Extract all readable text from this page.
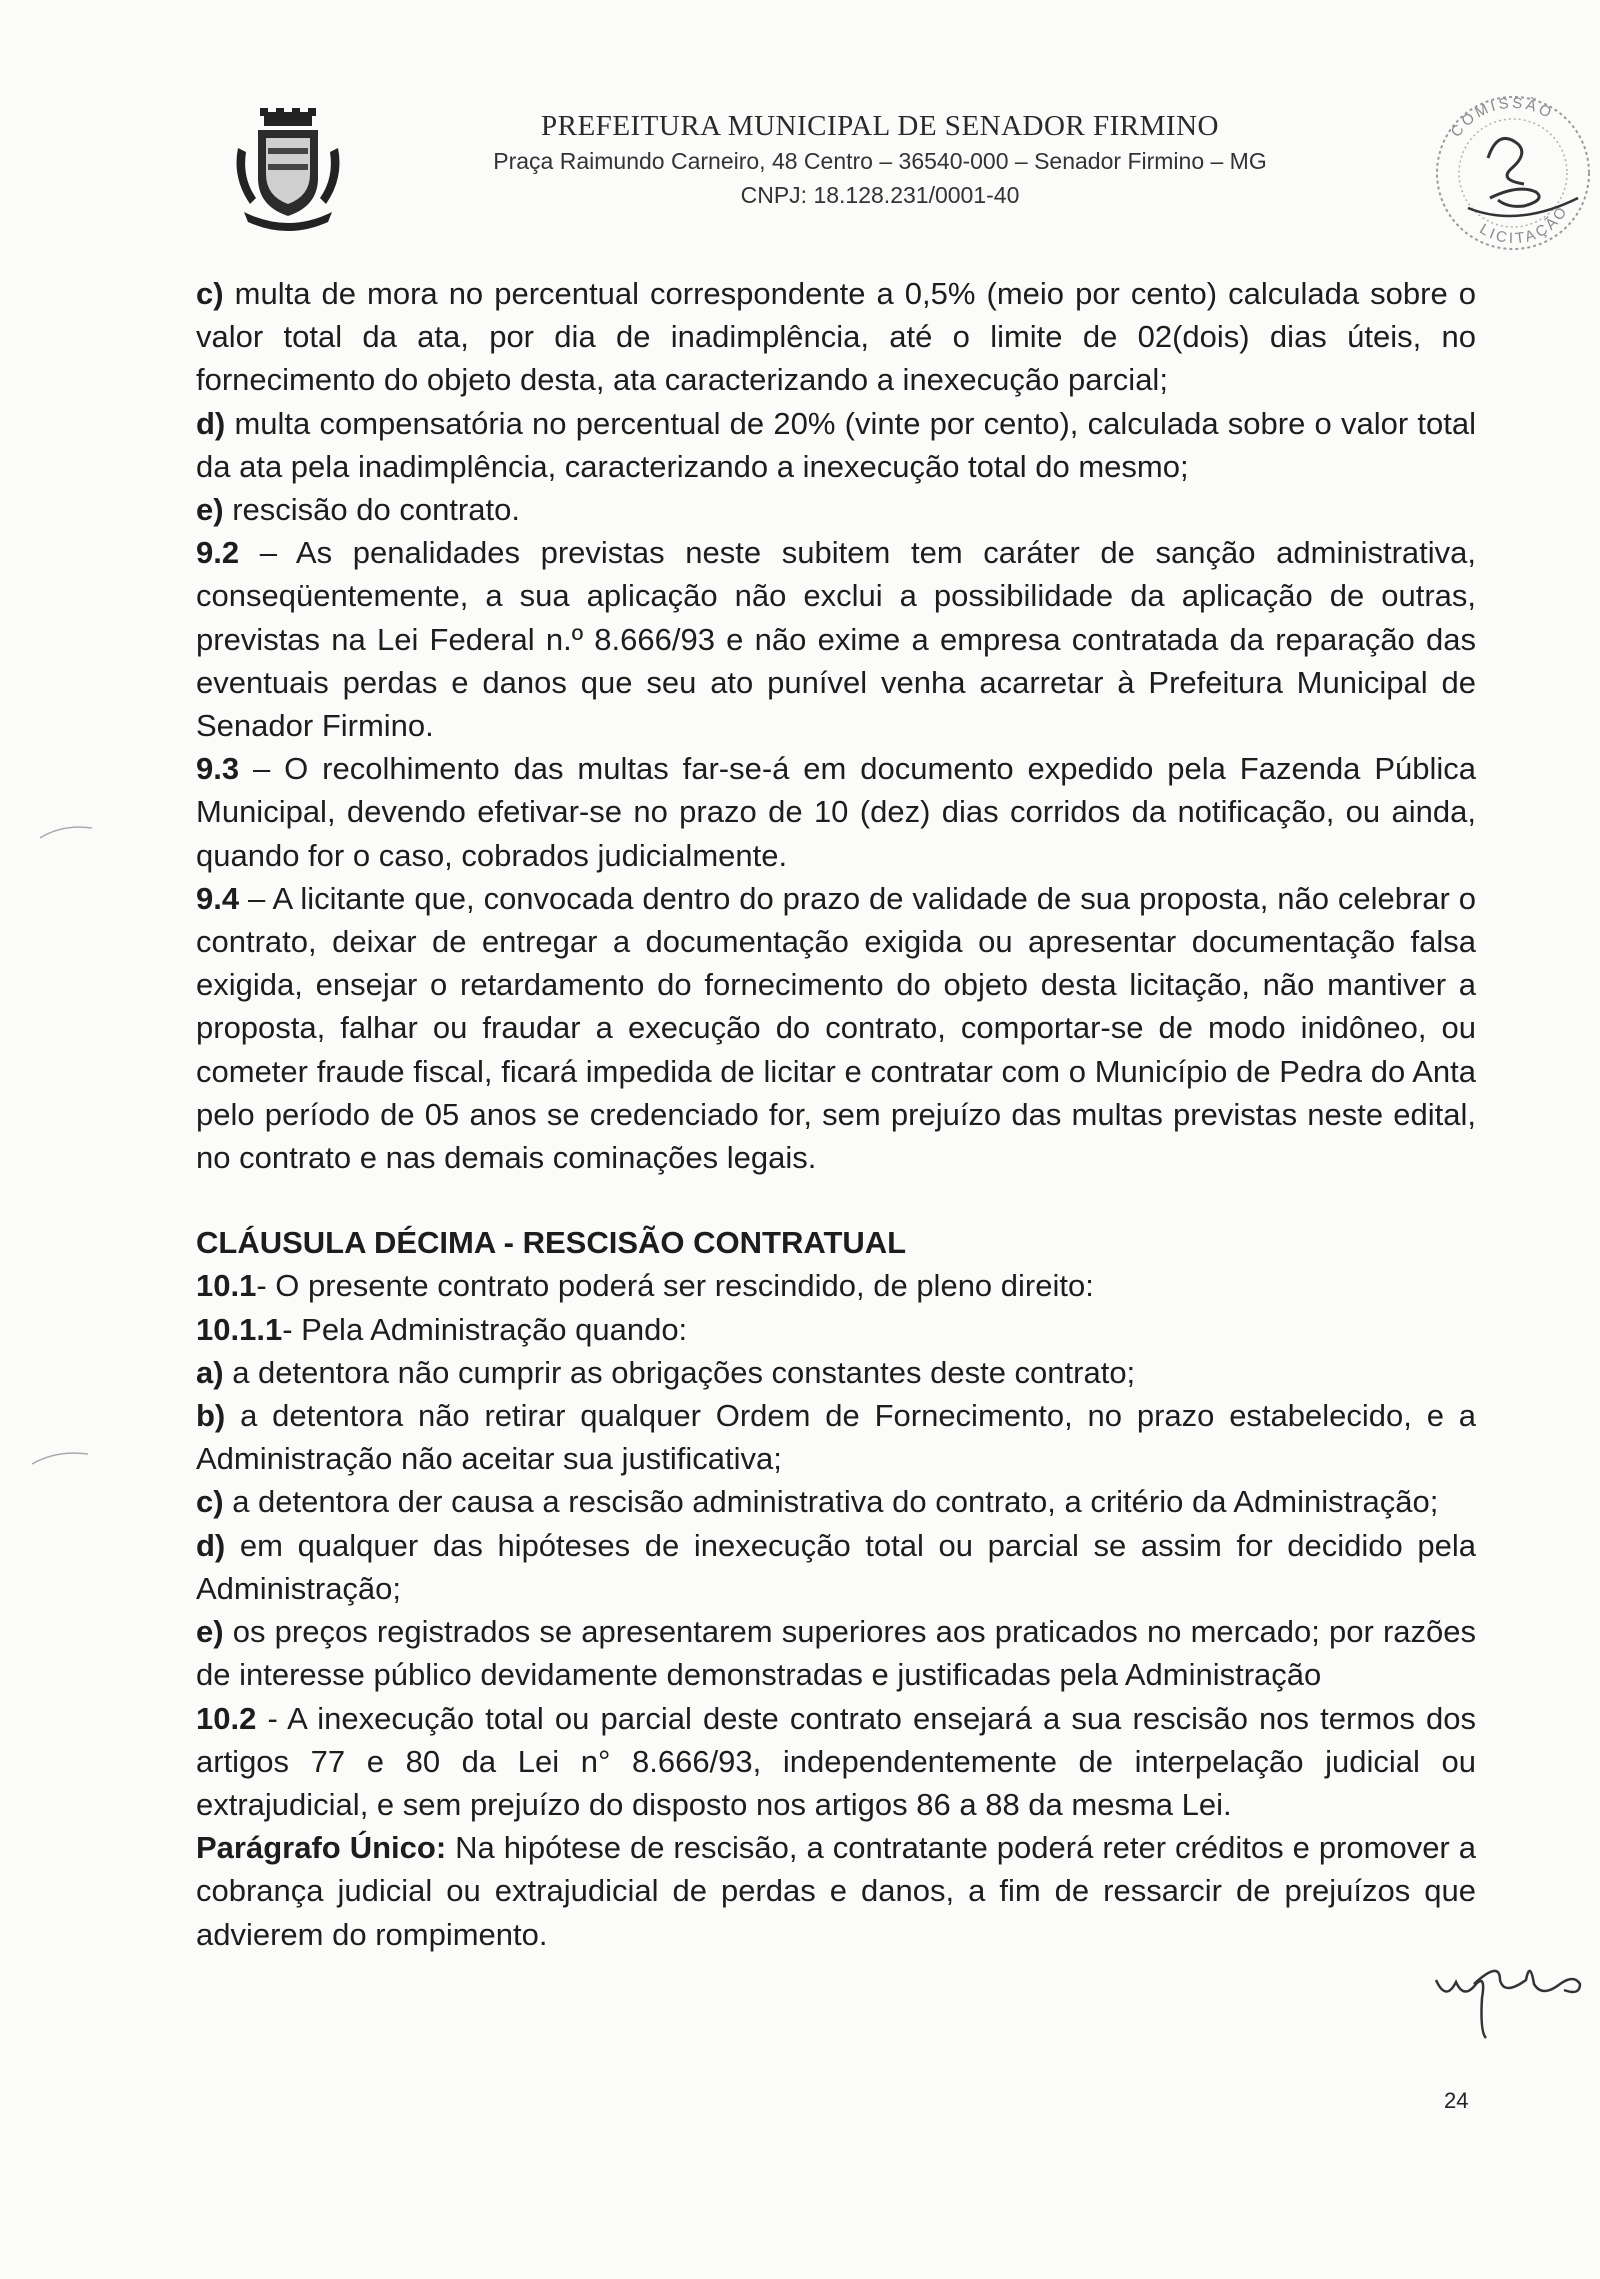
PREFEITURA MUNICIPAL DE SENADOR FIRMINO
Praça Raimundo Carneiro, 48 Centro – 36540-000 – Senador Firmino – MG
CNPJ: 18.128.231/0001-40
COMISSÃO
LICITAÇÃO

c) multa de mora no percentual correspondente a 0,5% (meio por cento) calculada sobre o valor total da ata, por dia de inadimplência, até o limite de 02(dois) dias úteis, no fornecimento do objeto desta, ata caracterizando a inexecução parcial;

d) multa compensatória no percentual de 20% (vinte por cento), calculada sobre o valor total da ata pela inadimplência, caracterizando a inexecução total do mesmo;

e) rescisão do contrato.

9.2 – As penalidades previstas neste subitem tem caráter de sanção administrativa, conseqüentemente, a sua aplicação não exclui a possibilidade da aplicação de outras, previstas na Lei Federal n.º 8.666/93 e não exime a empresa contratada da reparação das eventuais perdas e danos que seu ato punível venha acarretar à Prefeitura Municipal de Senador Firmino.

9.3 – O recolhimento das multas far-se-á em documento expedido pela Fazenda Pública Municipal, devendo efetivar-se no prazo de 10 (dez) dias corridos da notificação, ou ainda, quando for o caso, cobrados judicialmente.

9.4 – A licitante que, convocada dentro do prazo de validade de sua proposta, não celebrar o contrato, deixar de entregar a documentação exigida ou apresentar documentação falsa exigida, ensejar o retardamento do fornecimento do objeto desta licitação, não mantiver a proposta, falhar ou fraudar a execução do contrato, comportar-se de modo inidôneo, ou cometer fraude fiscal, ficará impedida de licitar e contratar com o Município de Pedra do Anta pelo período de 05 anos se credenciado for, sem prejuízo das multas previstas neste edital, no contrato e nas demais cominações legais.

CLÁUSULA DÉCIMA - RESCISÃO CONTRATUAL

10.1- O presente contrato poderá ser rescindido, de pleno direito:

10.1.1- Pela Administração quando:

a) a detentora não cumprir as obrigações constantes deste contrato;

b) a detentora não retirar qualquer Ordem de Fornecimento, no prazo estabelecido, e a Administração não aceitar sua justificativa;

c) a detentora der causa a rescisão administrativa do contrato, a critério da Administração;

d) em qualquer das hipóteses de inexecução total ou parcial se assim for decidido pela Administração;

e) os preços registrados se apresentarem superiores aos praticados no mercado; por razões de interesse público devidamente demonstradas e justificadas pela Administração

10.2 - A inexecução total ou parcial deste contrato ensejará a sua rescisão nos termos dos artigos 77 e 80 da Lei n° 8.666/93, independentemente de interpelação judicial ou extrajudicial, e sem prejuízo do disposto nos artigos 86 a 88 da mesma Lei.

Parágrafo Único: Na hipótese de rescisão, a contratante poderá reter créditos e promover a cobrança judicial ou extrajudicial de perdas e danos, a fim de ressarcir de prejuízos que advierem do rompimento.

24
